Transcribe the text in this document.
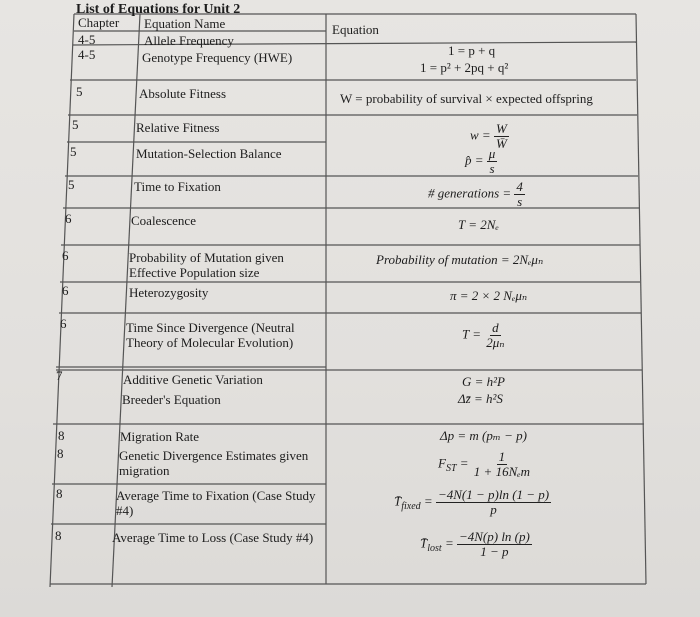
List of Equations for Unit 2
Chapter Equation Name	Equation
4-5
4-5
5
5
5
5
6
6
6
6
7
8
8
8
8
Allele Frequency
Genotype Frequency (HWE)
Absolute Fitness
Relative Fitness
Mutation-Selection Balance
Time to Fixation
Coalescence
Probability of Mutation given Effective Population size
Heterozygosity
Time Since Divergence (Neutral Theory of Molecular Evolution)
Additive Genetic Variation
Breeder's Equation
Migration Rate
Genetic Divergence Estimates given migration
Average Time to Fixation (Case Study #4)
Average Time to Loss (Case Study #4)
1 = p + q
1 = p² + 2pq + q²
W = probability of survival × expected offspring
$w = \frac{W}{W̄}$
p̂ = $\frac{\mu}{s}$
# generations = $\frac{4}{s}$
T = 2Nₑ
Probability of mutation = 2Nₑμₙ
π = 2 × 2 Nₑμₙ
$T = \frac{d}{\text{2μₙ}}$
G = h²P
Δz̄ = h²S
Δp = m (pₘ − p)
$F_{ST} = \frac{1}{\text{1 + 16Nₑm}}$
$T̄_{fixed} = \frac{-4N(1 - p)\ln (1 - p)}{p}$
$T̄_{lost} = \frac{-4N(p) \ln (p)}{1 - p}$
